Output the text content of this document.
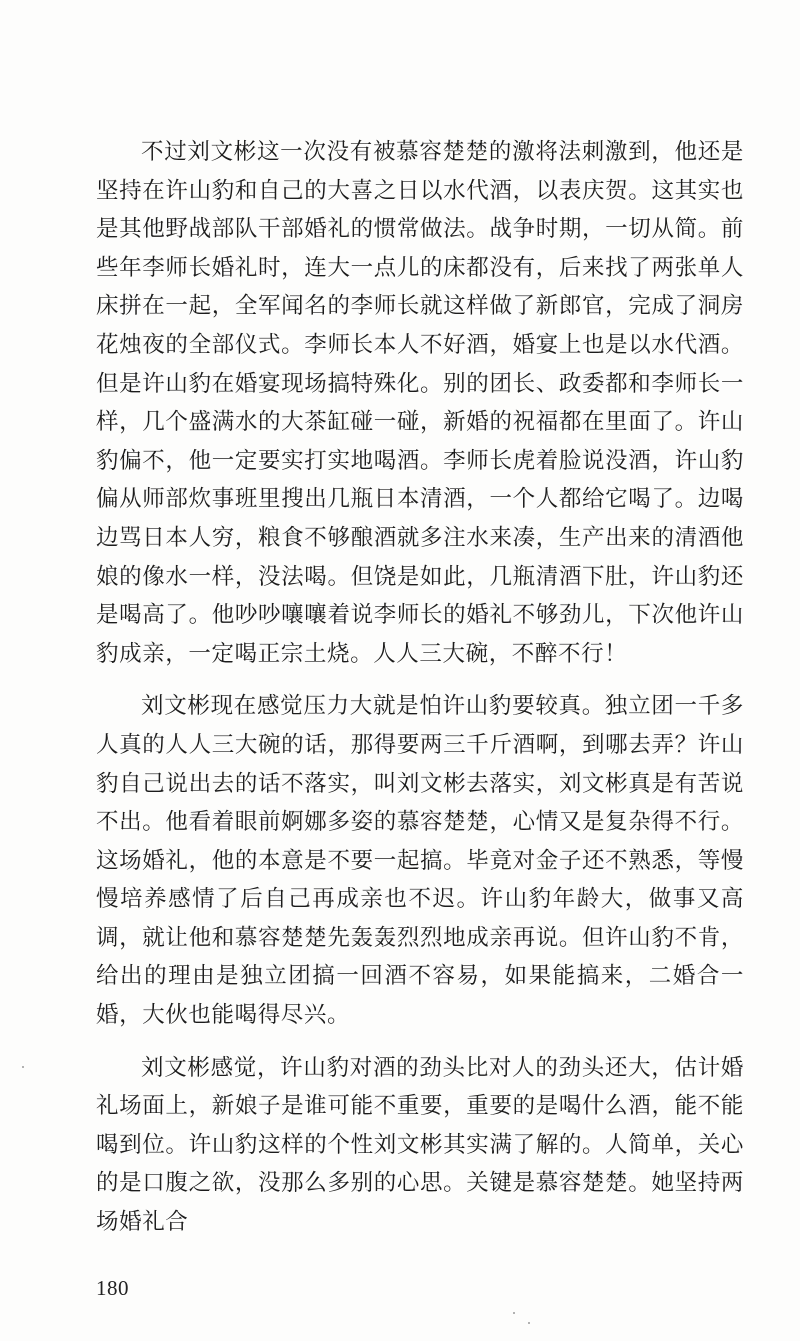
不过刘文彬这一次没有被慕容楚楚的激将法刺激到，他还是坚持在许山豹和自己的大喜之日以水代酒，以表庆贺。这其实也是其他野战部队干部婚礼的惯常做法。战争时期，一切从简。前些年李师长婚礼时，连大一点儿的床都没有，后来找了两张单人床拼在一起，全军闻名的李师长就这样做了新郎官，完成了洞房花烛夜的全部仪式。李师长本人不好酒，婚宴上也是以水代酒。但是许山豹在婚宴现场搞特殊化。别的团长、政委都和李师长一样，几个盛满水的大茶缸碰一碰，新婚的祝福都在里面了。许山豹偏不，他一定要实打实地喝酒。李师长虎着脸说没酒，许山豹偏从师部炊事班里搜出几瓶日本清酒，一个人都给它喝了。边喝边骂日本人穷，粮食不够酿酒就多注水来凑，生产出来的清酒他娘的像水一样，没法喝。但饶是如此，几瓶清酒下肚，许山豹还是喝高了。他吵吵嚷嚷着说李师长的婚礼不够劲儿，下次他许山豹成亲，一定喝正宗土烧。人人三大碗，不醉不行！

刘文彬现在感觉压力大就是怕许山豹要较真。独立团一千多人真的人人三大碗的话，那得要两三千斤酒啊，到哪去弄？许山豹自己说出去的话不落实，叫刘文彬去落实，刘文彬真是有苦说不出。他看着眼前婀娜多姿的慕容楚楚，心情又是复杂得不行。这场婚礼，他的本意是不要一起搞。毕竟对金子还不熟悉，等慢慢培养感情了后自己再成亲也不迟。许山豹年龄大，做事又高调，就让他和慕容楚楚先轰轰烈烈地成亲再说。但许山豹不肯，给出的理由是独立团搞一回酒不容易，如果能搞来，二婚合一婚，大伙也能喝得尽兴。

刘文彬感觉，许山豹对酒的劲头比对人的劲头还大，估计婚礼场面上，新娘子是谁可能不重要，重要的是喝什么酒，能不能喝到位。许山豹这样的个性刘文彬其实满了解的。人简单，关心的是口腹之欲，没那么多别的心思。关键是慕容楚楚。她坚持两场婚礼合

180
